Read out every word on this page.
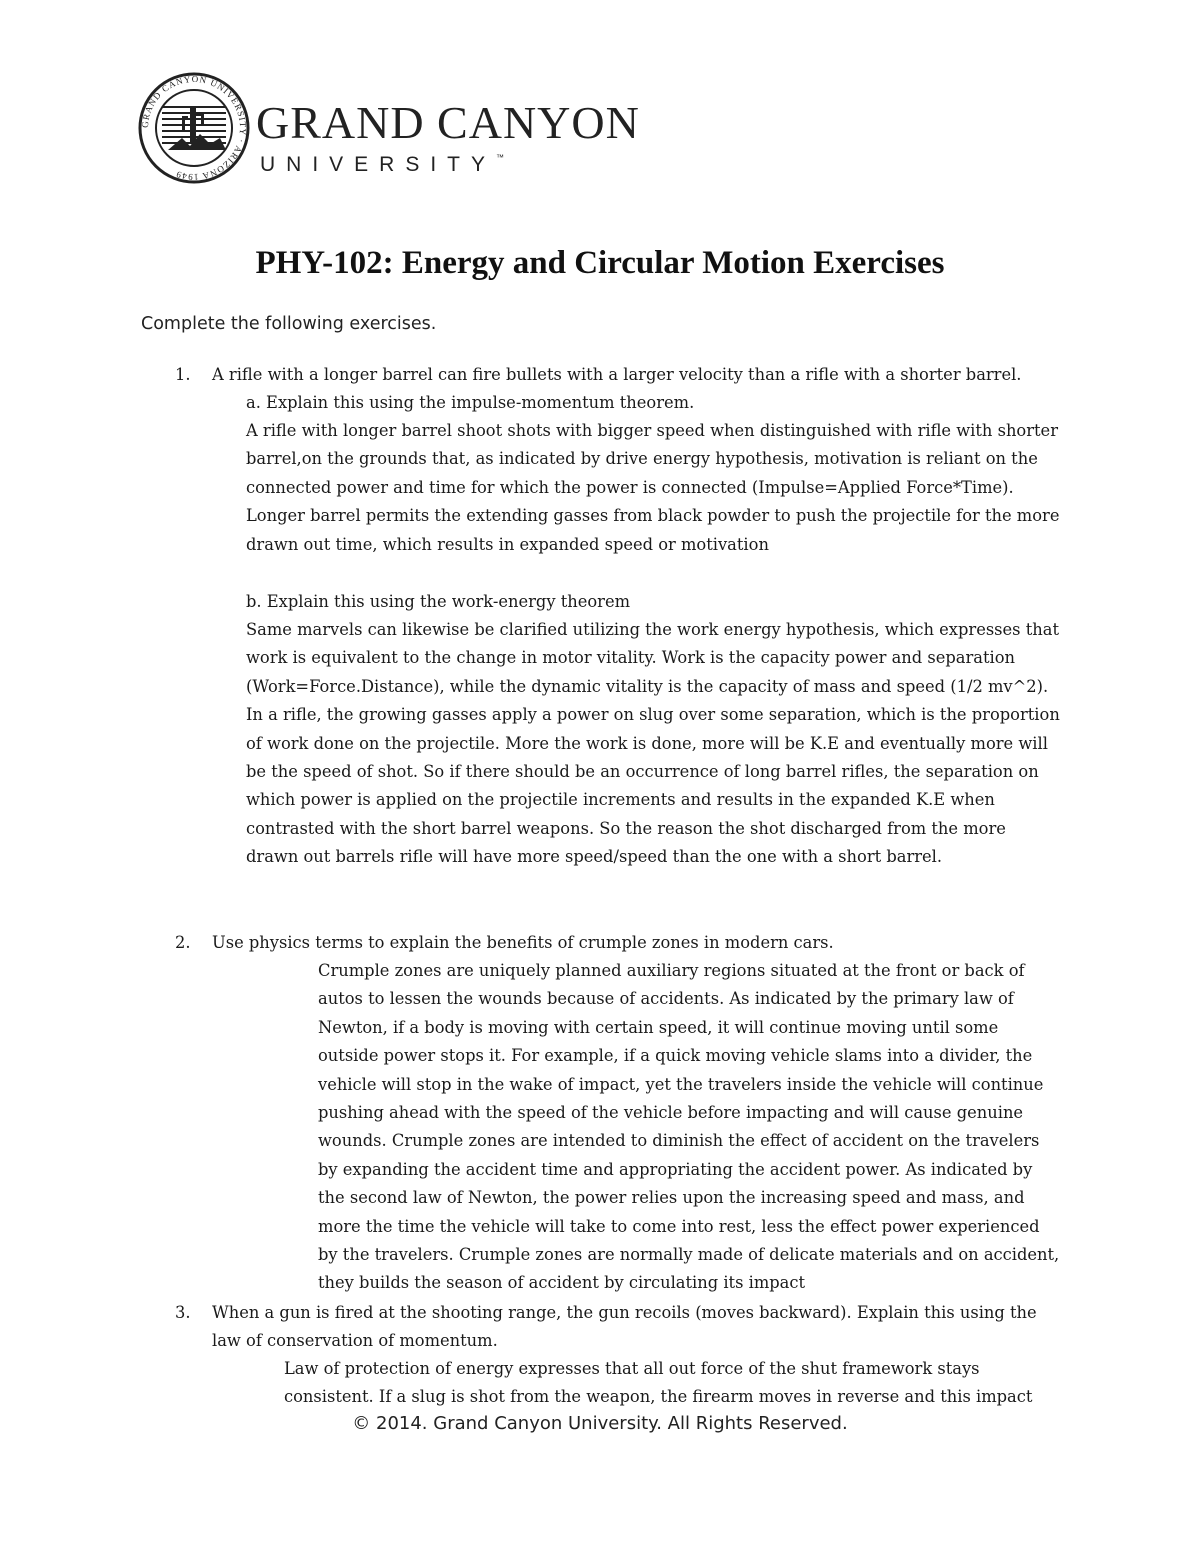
GRAND CANYON UNIVERSITY · ARIZONA 1949
GRAND CANYON
UNIVERSITY™
PHY-102: Energy and Circular Motion Exercises

Complete the following exercises.

1. A rifle with a longer barrel can fire bullets with a larger velocity than a rifle with a shorter barrel.

a. Explain this using the impulse-momentum theorem.

A rifle with longer barrel shoot shots with bigger speed when distinguished with rifle with shorter barrel,on the grounds that, as indicated by drive energy hypothesis, motivation is reliant on the connected power and time for which the power is connected (Impulse=Applied Force*Time). Longer barrel permits the extending gasses from black powder to push the projectile for the more drawn out time, which results in expanded speed or motivation

b. Explain this using the work-energy theorem

Same marvels can likewise be clarified utilizing the work energy hypothesis, which expresses that work is equivalent to the change in motor vitality. Work is the capacity power and separation (Work=Force.Distance), while the dynamic vitality is the capacity of mass and speed (1/2 mv^2). In a rifle, the growing gasses apply a power on slug over some separation, which is the proportion of work done on the projectile. More the work is done, more will be K.E and eventually more will be the speed of shot. So if there should be an occurrence of long barrel rifles, the separation on which power is applied on the projectile increments and results in the expanded K.E when contrasted with the short barrel weapons. So the reason the shot discharged from the more drawn out barrels rifle will have more speed/speed than the one with a short barrel.

2. Use physics terms to explain the benefits of crumple zones in modern cars.

Crumple zones are uniquely planned auxiliary regions situated at the front or back of autos to lessen the wounds because of accidents. As indicated by the primary law of Newton, if a body is moving with certain speed, it will continue moving until some outside power stops it. For example, if a quick moving vehicle slams into a divider, the vehicle will stop in the wake of impact, yet the travelers inside the vehicle will continue pushing ahead with the speed of the vehicle before impacting and will cause genuine wounds. Crumple zones are intended to diminish the effect of accident on the travelers by expanding the accident time and appropriating the accident power. As indicated by the second law of Newton, the power relies upon the increasing speed and mass, and more the time the vehicle will take to come into rest, less the effect power experienced by the travelers. Crumple zones are normally made of delicate materials and on accident, they builds the season of accident by circulating its impact

3. When a gun is fired at the shooting range, the gun recoils (moves backward). Explain this using the law of conservation of momentum.

Law of protection of energy expresses that all out force of the shut framework stays consistent. If a slug is shot from the weapon, the firearm moves in reverse and this impact

© 2014. Grand Canyon University. All Rights Reserved.
